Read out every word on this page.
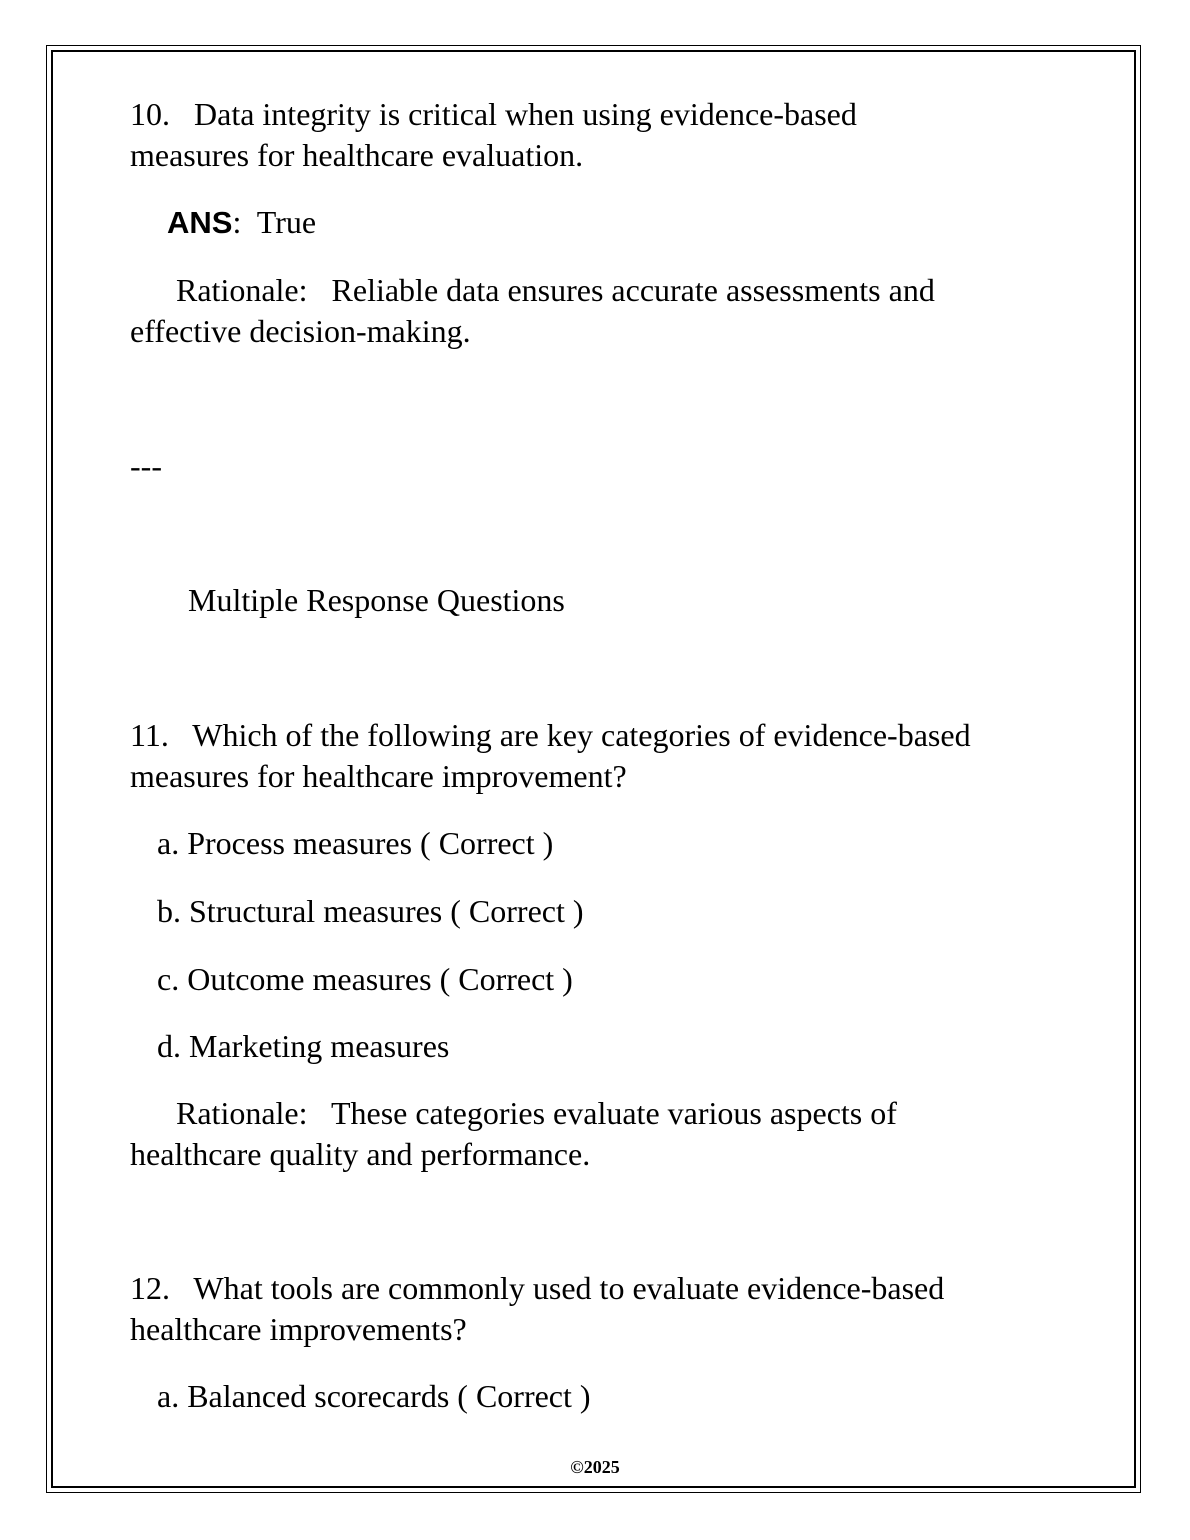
10. Data integrity is critical when using evidence-based
measures for healthcare evaluation.
ANS:  True
Rationale: Reliable data ensures accurate assessments and
effective decision-making.
---
Multiple Response Questions
11. Which of the following are key categories of evidence-based
measures for healthcare improvement?
a. Process measures ( Correct )
b. Structural measures ( Correct )
c. Outcome measures ( Correct )
d. Marketing measures
Rationale: These categories evaluate various aspects of
healthcare quality and performance.
12. What tools are commonly used to evaluate evidence-based
healthcare improvements?
a. Balanced scorecards ( Correct )
©2025
